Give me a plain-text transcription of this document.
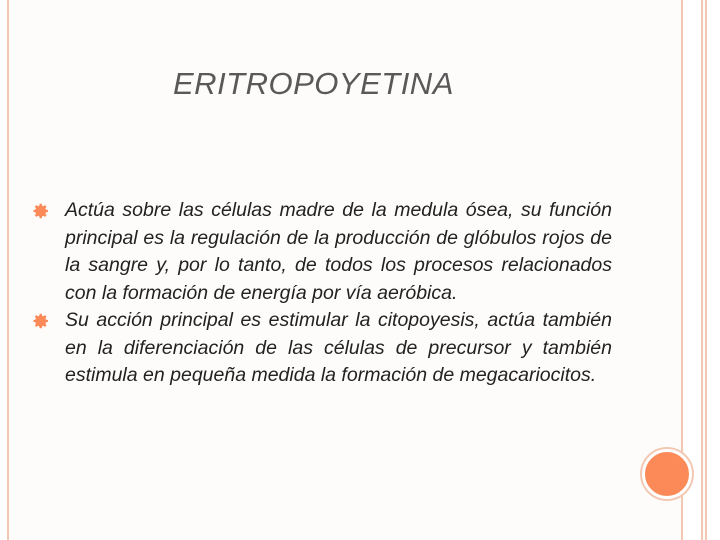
ERITROPOYETINA
Actúa sobre las células madre de la medula ósea, su función principal es la regulación de la producción de glóbulos rojos de la sangre y, por lo tanto, de todos los procesos relacionados con la formación de energía por vía aeróbica.
Su acción principal es estimular la citopoyesis, actúa también en la diferenciación de las células de precursor y también estimula en pequeña medida la formación de megacariocitos.
